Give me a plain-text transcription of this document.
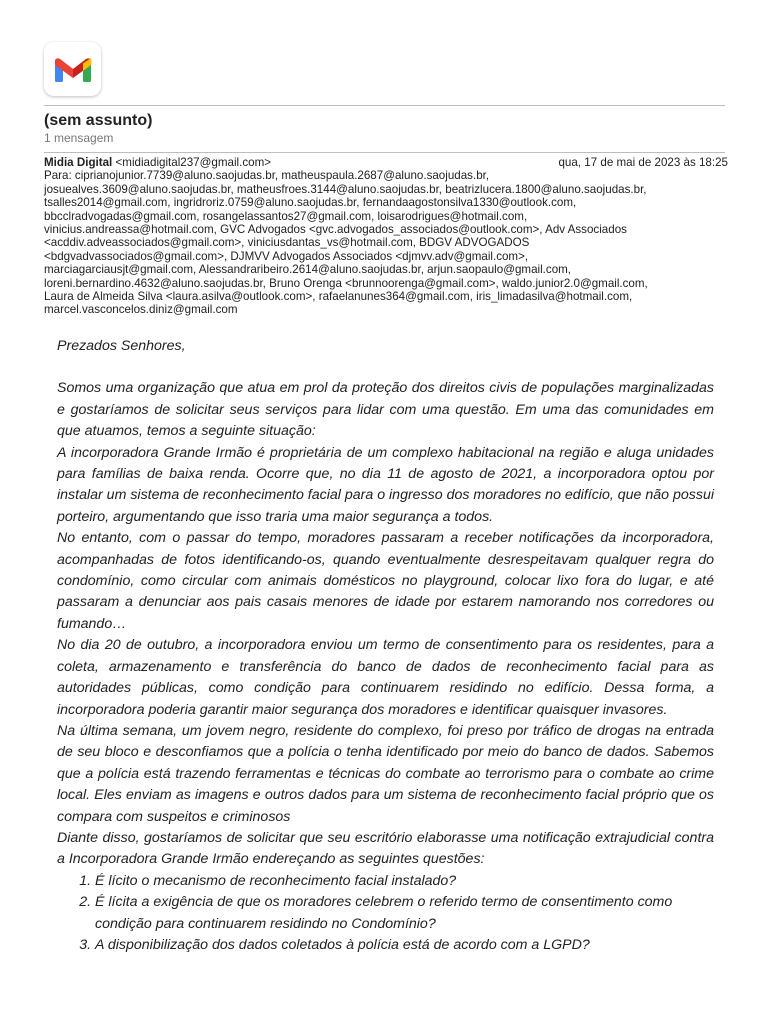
(sem assunto)
1 mensagem
Midia Digital <midiadigital237@gmail.com>	qua, 17 de mai de 2023 às 18:25
Para: ciprianojunior.7739@aluno.saojudas.br, matheuspaula.2687@aluno.saojudas.br,
josuealves.3609@aluno.saojudas.br, matheusfroes.3144@aluno.saojudas.br, beatrizlucera.1800@aluno.saojudas.br,
tsalles2014@gmail.com, ingridroriz.0759@aluno.saojudas.br, fernandaagostonsilva1330@outlook.com,
bbcclradvogadas@gmail.com, rosangelassantos27@gmail.com, loisarodrigues@hotmail.com,
vinicius.andreassa@hotmail.com, GVC Advogados <gvc.advogados_associados@outlook.com>, Adv Associados
<acddiv.adveassociados@gmail.com>, viniciusdantas_vs@hotmail.com, BDGV ADVOGADOS
<bdgvadvassociados@gmail.com>, DJMVV Advogados Associados <djmvv.adv@gmail.com>,
marciagarciausjt@gmail.com, Alessandraribeiro.2614@aluno.saojudas.br, arjun.saopaulo@gmail.com,
loreni.bernardino.4632@aluno.saojudas.br, Bruno Orenga <brunnoorenga@gmail.com>, waldo.junior2.0@gmail.com,
Laura de Almeida Silva <laura.asilva@outlook.com>, rafaelanunes364@gmail.com, iris_limadasilva@hotmail.com,
marcel.vasconcelos.diniz@gmail.com

Prezados Senhores,

Somos uma organização que atua em prol da proteção dos direitos civis de populações marginalizadas e gostaríamos de solicitar seus serviços para lidar com uma questão. Em uma das comunidades em que atuamos, temos a seguinte situação:

A incorporadora Grande Irmão é proprietária de um complexo habitacional na região e aluga unidades para famílias de baixa renda. Ocorre que, no dia 11 de agosto de 2021, a incorporadora optou por instalar um sistema de reconhecimento facial para o ingresso dos moradores no edifício, que não possui porteiro, argumentando que isso traria uma maior segurança a todos.

No entanto, com o passar do tempo, moradores passaram a receber notificações da incorporadora, acompanhadas de fotos identificando-os, quando eventualmente desrespeitavam qualquer regra do condomínio, como circular com animais domésticos no playground, colocar lixo fora do lugar, e até passaram a denunciar aos pais casais menores de idade por estarem namorando nos corredores ou fumando…

No dia 20 de outubro, a incorporadora enviou um termo de consentimento para os residentes, para a coleta, armazenamento e transferência do banco de dados de reconhecimento facial para as autoridades públicas, como condição para continuarem residindo no edifício. Dessa forma, a incorporadora poderia garantir maior segurança dos moradores e identificar quaisquer invasores.

Na última semana, um jovem negro, residente do complexo, foi preso por tráfico de drogas na entrada de seu bloco e desconfiamos que a polícia o tenha identificado por meio do banco de dados. Sabemos que a polícia está trazendo ferramentas e técnicas do combate ao terrorismo para o combate ao crime local. Eles enviam as imagens e outros dados para um sistema de reconhecimento facial próprio que os compara com suspeitos e criminosos

Diante disso, gostaríamos de solicitar que seu escritório elaborasse uma notificação extrajudicial contra a Incorporadora Grande Irmão endereçando as seguintes questões:

1. É lícito o mecanismo de reconhecimento facial instalado?
2. É lícita a exigência de que os moradores celebrem o referido termo de consentimento como condição para continuarem residindo no Condomínio?
3. A disponibilização dos dados coletados à polícia está de acordo com a LGPD?
